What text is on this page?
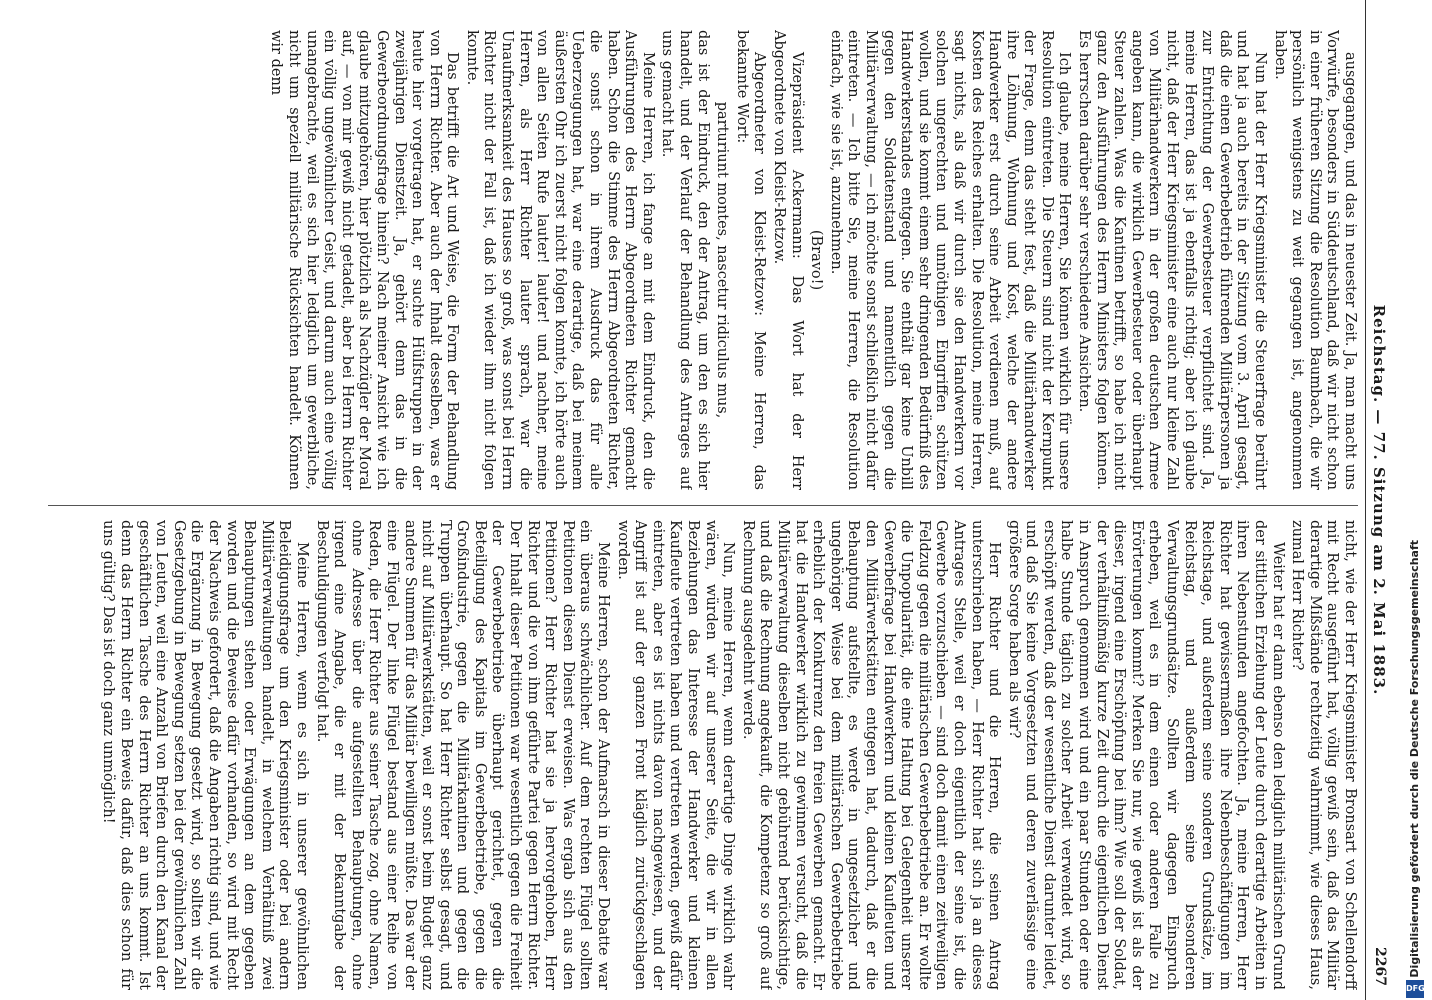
Reichstag. — 77. Sitzung am 2. Mai 1883.
2267

ausgegangen, und das in neuester Zeit. Ja, man macht uns Vorwürfe, besonders in Süddeutschland, daß wir nicht schon in einer früheren Sitzung die Resolution Baumbach, die wir persönlich wenigstens zu weit gegangen ist, angenommen haben.

Nun hat der Herr Kriegsminister die Steuerfrage berührt und hat ja auch bereits in der Sitzung vom 3. April gesagt, daß die einen Gewerbebetrieb führenden Militärpersonen ja zur Entrichtung der Gewerbesteuer verpflichtet sind. Ja, meine Herren, das ist ja ebenfalls richtig; aber ich glaube nicht, daß der Herr Kriegsminister eine auch nur kleine Zahl von Militärhandwerkern in der großen deutschen Armee angeben kann, die wirklich Gewerbesteuer oder überhaupt Steuer zahlen. Was die Kantinen betrifft, so habe ich nicht ganz den Ausführungen des Herrn Ministers folgen können. Es herrschen darüber sehr verschiedene Ansichten.

Ich glaube, meine Herren, Sie können wirklich für unsere Resolution eintreten. Die Steuern sind nicht der Kernpunkt der Frage, denn das steht fest, daß die Militärhandwerker ihre Löhnung, Wohnung und Kost, welche der andere Handwerker erst durch seine Arbeit verdienen muß, auf Kosten des Reiches erhalten. Die Resolution, meine Herren, sagt nichts, als daß wir durch sie den Handwerkern vor solchen ungerechten und unnöthigen Eingriffen schützen wollen, und sie kommt einem sehr dringenden Bedürfniß des Handwerkerstandes entgegen. Sie enthält gar keine Unbill gegen den Soldatenstand und namentlich gegen die Militärverwaltung, — ich möchte sonst schließlich nicht dafür eintreten. — Ich bitte Sie, meine Herren, die Resolution einfach, wie sie ist, anzunehmen.

(Bravo!)

Vizepräsident Ackermann: Das Wort hat der Herr Abgeordnete von Kleist-Retzow.

Abgeordneter von Kleist-Retzow: Meine Herren, das bekannte Wort:

parturiunt montes, nascetur ridiculus mus,

das ist der Eindruck, den der Antrag, um den es sich hier handelt, und der Verlauf der Behandlung des Antrages auf uns gemacht hat.

Meine Herren, ich fange an mit dem Eindruck, den die Ausführungen des Herrn Abgeordneten Richter gemacht haben. Schon die Stimme des Herrn Abgeordneten Richter, die sonst schon in ihrem Ausdruck das für alle Ueberzeugungen hat, war eine derartige, daß bei meinem äußersten Ohr ich zuerst nicht folgen konnte, ich hörte auch von allen Seiten Rufe lauter! lauter! und nachher, meine Herren, als Herr Richter lauter sprach, war die Unaufmerksamkeit des Hauses so groß, was sonst bei Herrn Richter nicht der Fall ist, daß ich wieder ihm nicht folgen konnte.

Das betrifft die Art und Weise, die Form der Behandlung von Herrn Richter. Aber auch der Inhalt desselben, was er heute hier vorgetragen hat, er suchte Hülfstruppen in der zweijährigen Dienstzeit. Ja, gehört denn das in die Gewerbeordnungsfrage hinein? Nach meiner Ansicht wie ich glaube mitzugehören, hier plötzlich als Nachzügler der Moral auf, — von mir gewiß nicht getadelt, aber bei Herrn Richter ein völlig ungewöhnlicher Geist, und darum auch eine völlig unangebrachte, weil es sich hier lediglich um gewerbliche, nicht um speziell militärische Rücksichten handelt. Können wir denn

nicht, wie der Herr Kriegsminister Bronsart von Schellendorff mit Recht ausgeführt hat, völlig gewiß sein, daß das Militär derartige Mißstände rechtzeitig wahrnimmt, wie dieses Haus, zumal Herr Richter?

Weiter hat er dann ebenso den lediglich militärischen Grund der sittlichen Erziehung der Leute durch derartige Arbeiten in ihren Nebenstunden angefochten. Ja, meine Herren, Herr Richter hat gewissermaßen ihre Nebenbeschäftigungen im Reichstage, und außerdem seine sonderen Grundsätze, im Reichstag, und außerdem seine besonderen Verwaltungsgrundsätze. Sollten wir dagegen Einspruch erheben, weil es in dem einen oder anderen Falle zu Erörterungen kommt? Merken Sie nur, wie gewiß ist als der dieser, irgend eine Erschöpfung bei ihm? Wie soll der Soldat, der verhältnißmäßig kurze Zeit durch die eigentlichen Dienst in Anspruch genommen wird und ein paar Stunden oder eine halbe Stunde täglich zu solcher Arbeit verwendet wird, so erschöpft werden, daß der wesentliche Dienst darunter leidet, und daß Sie keine Vorgesetzten und deren zuverlässige eine größere Sorge haben als wir?

Herr Richter und die Herren, die seinen Antrag unterschrieben haben, — Herr Richter hat sich ja an dieses Antrages Stelle, weil er doch eigentlich der seine ist, die Gewerbe vorzuschieben — sind doch damit einen zeitweiligen Feldzug gegen die militärischen Gewerbebetriebe an. Er wollte die Unpopularität, die eine Haltung bei Gelegenheit unserer Gewerbefrage bei Handwerkern und kleinen Kaufleuten und den Militärwerkstätten entgegen hat, dadurch, daß er die Behauptung aufstellte, es werde in ungesetzlicher und ungehöriger Weise bei dem militärischen Gewerbebetriebe erheblich der Konkurrenz den freien Gewerben gemacht. Er hat die Handwerker wirklich zu gewinnen versucht, daß die Militärverwaltung dieselben nicht gebührend berücksichtige, und daß die Rechnung angekauft, die Kompetenz so groß auf Rechnung ausgedehnt werde.

Nun, meine Herren, wenn derartige Dinge wirklich wahr wären, würden wir auf unserer Seite, die wir in allen Beziehungen das Interesse der Handwerker und kleinen Kaufleute vertreten haben und vertreten werden, gewiß dafür eintreten, aber es ist nichts davon nachgewiesen, und der Angriff ist auf der ganzen Front kläglich zurückgeschlagen worden.

Meine Herren, schon der Aufmarsch in dieser Debatte war ein überaus schwächlicher. Auf dem rechten Flügel sollten Petitionen diesen Dienst erweisen. Was ergab sich aus den Petitionen? Herr Richter hat sie ja hervorgehoben, Herr Richter und die von ihm geführte Partei gegen Herrn Richter. Der Inhalt dieser Petitionen war wesentlich gegen die Freiheit der Gewerbebetriebe überhaupt gerichtet, gegen die Beteiligung des Kapitals im Gewerbebetriebe, gegen die Großindustrie, gegen die Militärkantinen und gegen die Truppen überhaupt. So hat Herr Richter selbst gesagt, und nicht auf Militärwerkstätten, weil er sonst beim Budget ganz andere Summen für das Militär bewilligen müßte. Das war der eine Flügel. Der linke Flügel bestand aus einer Reihe von Reden, die Herr Richter aus seiner Tasche zog, ohne Namen, ohne Adresse über die aufgestellten Behauptungen, ohne irgend eine Angabe, die er mit der Bekanntgabe der Beschuldigungen verfolgt hat.

Meine Herren, wenn es sich in unserer gewöhnlichen Beleidigungsfrage um den Kriegsminister oder bei andern Militärverwaltungen handelt, in welchem Verhältniß zwei Behauptungen stehen oder Erwägungen an dem gegeben worden und die Beweise dafür vorhanden, so wird mit Recht der Nachweis gefordert, daß die Angaben richtig sind, und wie die Ergänzung in Bewegung gesetzt wird, so sollten wir die Gesetzgebung in Bewegung setzen bei der gewöhnlichen Zahl von Leuten, weil eine Anzahl von Briefen durch den Kanal der geschäftlichen Tasche des Herrn Richter an uns kommt. Ist denn das Herrn Richter ein Beweis dafür, daß dies schon für uns gültig? Das ist doch ganz unmöglich!	Digitalisierung gefördert durch die Deutsche Forschungsgemeinschaft
DFG
